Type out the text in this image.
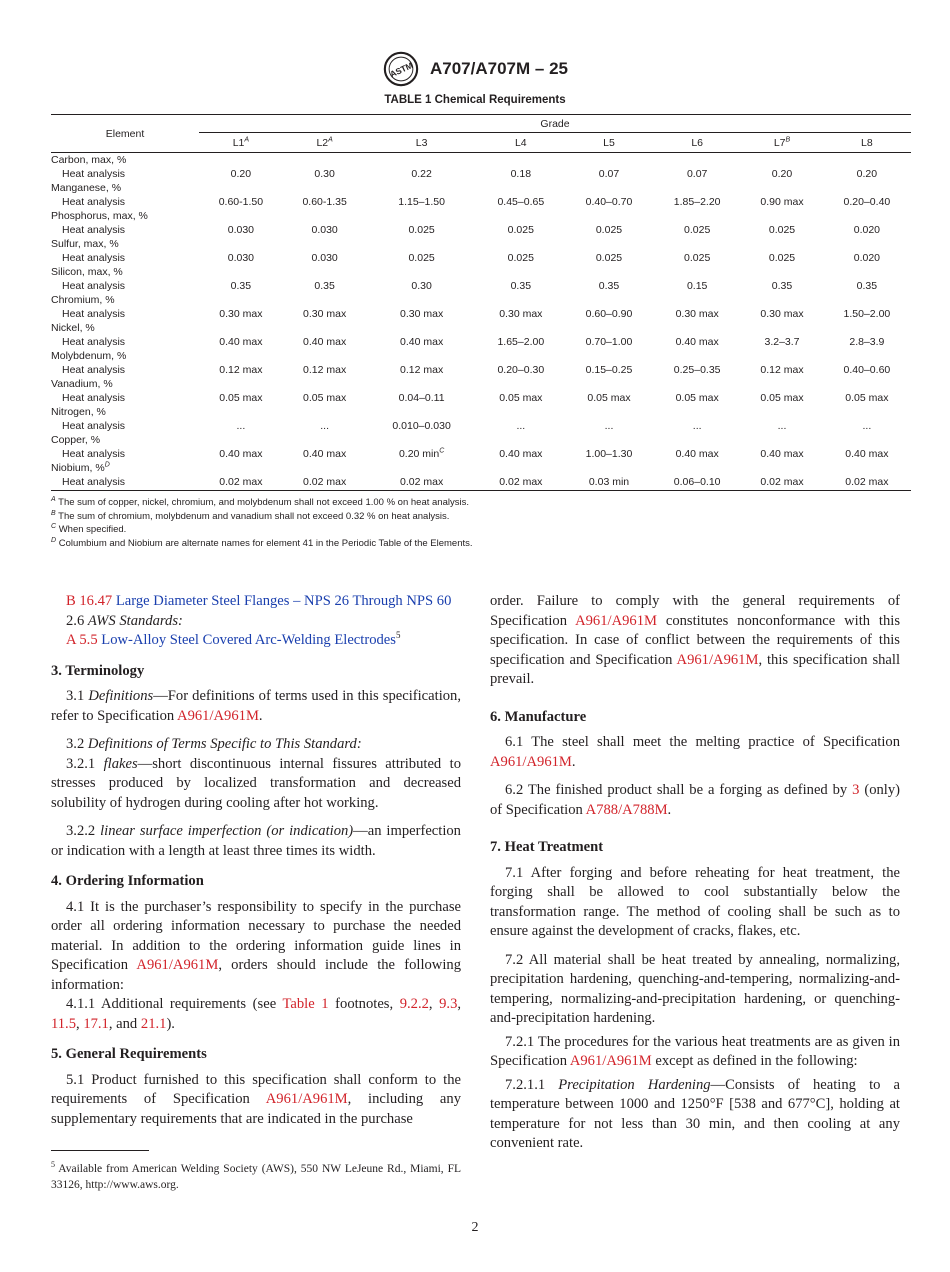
ASTM A707/A707M – 25
TABLE 1 Chemical Requirements
Element	Grade							
	$L1^A$	$L2^A$	L3	L4	L5	L6	$L7^B$	L8
Carbon, max, %								
Heat analysis	0.20	0.30	0.22	0.18	0.07	0.07	0.20	0.20
Manganese, %								
Heat analysis	0.60-1.50	0.60-1.35	1.15–1.50	0.45–0.65	0.40–0.70	1.85–2.20	0.90 max	0.20–0.40
Phosphorus, max, %								
Heat analysis	0.030	0.030	0.025	0.025	0.025	0.025	0.025	0.020
Sulfur, max, %								
Heat analysis	0.030	0.030	0.025	0.025	0.025	0.025	0.025	0.020
Silicon, max, %								
Heat analysis	0.35	0.35	0.30	0.35	0.35	0.15	0.35	0.35
Chromium, %								
Heat analysis	0.30 max	0.30 max	0.30 max	0.30 max	0.60–0.90	0.30 max	0.30 max	1.50–2.00
Nickel, %								
Heat analysis	0.40 max	0.40 max	0.40 max	1.65–2.00	0.70–1.00	0.40 max	3.2–3.7	2.8–3.9
Molybdenum, %								
Heat analysis	0.12 max	0.12 max	0.12 max	0.20–0.30	0.15–0.25	0.25–0.35	0.12 max	0.40–0.60
Vanadium, %								
Heat analysis	0.05 max	0.05 max	0.04–0.11	0.05 max	0.05 max	0.05 max	0.05 max	0.05 max
Nitrogen, %								
Heat analysis	...	...	0.010–0.030	...	...	...	...	...
Copper, %								
Heat analysis	0.40 max	0.40 max	0.20 $\min^C$	0.40 max	1.00–1.30	0.40 max	0.40 max	0.40 max
Niobium, %$^D$	
Heat analysis	0.02 max	0.02 max	0.02 max	0.02 max	0.03 min	0.06–0.10	0.02 max	0.02 max
$^A$ The sum of copper, nickel, chromium, and molybdenum shall not exceed 1.00 % on heat analysis.
$^B$ The sum of chromium, molybdenum and vanadium shall not exceed 0.32 % on heat analysis.
$^C$ When specified.
$^D$ Columbium and Niobium are alternate names for element 41 in the Periodic Table of the Elements.

B 16.47 Large Diameter Steel Flanges – NPS 26 Through NPS 60

2.6 AWS Standards:

A 5.5 Low-Alloy Steel Covered Arc-Welding Electrodes$^5$

3. Terminology

3.1 Definitions—For definitions of terms used in this specification, refer to Specification A961/A961M.

3.2 Definitions of Terms Specific to This Standard:

3.2.1 flakes—short discontinuous internal fissures attributed to stresses produced by localized transformation and decreased solubility of hydrogen during cooling after hot working.

3.2.2 linear surface imperfection (or indication)—an imperfection or indication with a length at least three times its width.

4. Ordering Information

4.1 It is the purchaser’s responsibility to specify in the purchase order all ordering information necessary to purchase the needed material. In addition to the ordering information guide lines in Specification A961/A961M, orders should include the following information:

4.1.1 Additional requirements (see Table 1 footnotes, 9.2.2, 9.3, 11.5, 17.1, and 21.1).

5. General Requirements

5.1 Product furnished to this specification shall conform to the requirements of Specification A961/A961M, including any supplementary requirements that are indicated in the purchase

order. Failure to comply with the general requirements of Specification A961/A961M constitutes nonconformance with this specification. In case of conflict between the requirements of this specification and Specification A961/A961M, this specification shall prevail.

6. Manufacture

6.1 The steel shall meet the melting practice of Specification A961/A961M.

6.2 The finished product shall be a forging as defined by 3 (only) of Specification A788/A788M.

7. Heat Treatment

7.1 After forging and before reheating for heat treatment, the forging shall be allowed to cool substantially below the transformation range. The method of cooling shall be such as to ensure against the development of cracks, flakes, etc.

7.2 All material shall be heat treated by annealing, normalizing, precipitation hardening, quenching-and-tempering, normalizing-and-tempering, normalizing-and-precipitation hardening, or quenching-and-precipitation hardening.

7.2.1 The procedures for the various heat treatments are as given in Specification A961/A961M except as defined in the following:

7.2.1.1 Precipitation Hardening—Consists of heating to a temperature between 1000 and 1250°F [538 and 677°C], holding at temperature for not less than 30 min, and then cooling at any convenient rate.

$^5$ Available from American Welding Society (AWS), 550 NW LeJeune Rd., Miami, FL 33126, http://www.aws.org.
2
